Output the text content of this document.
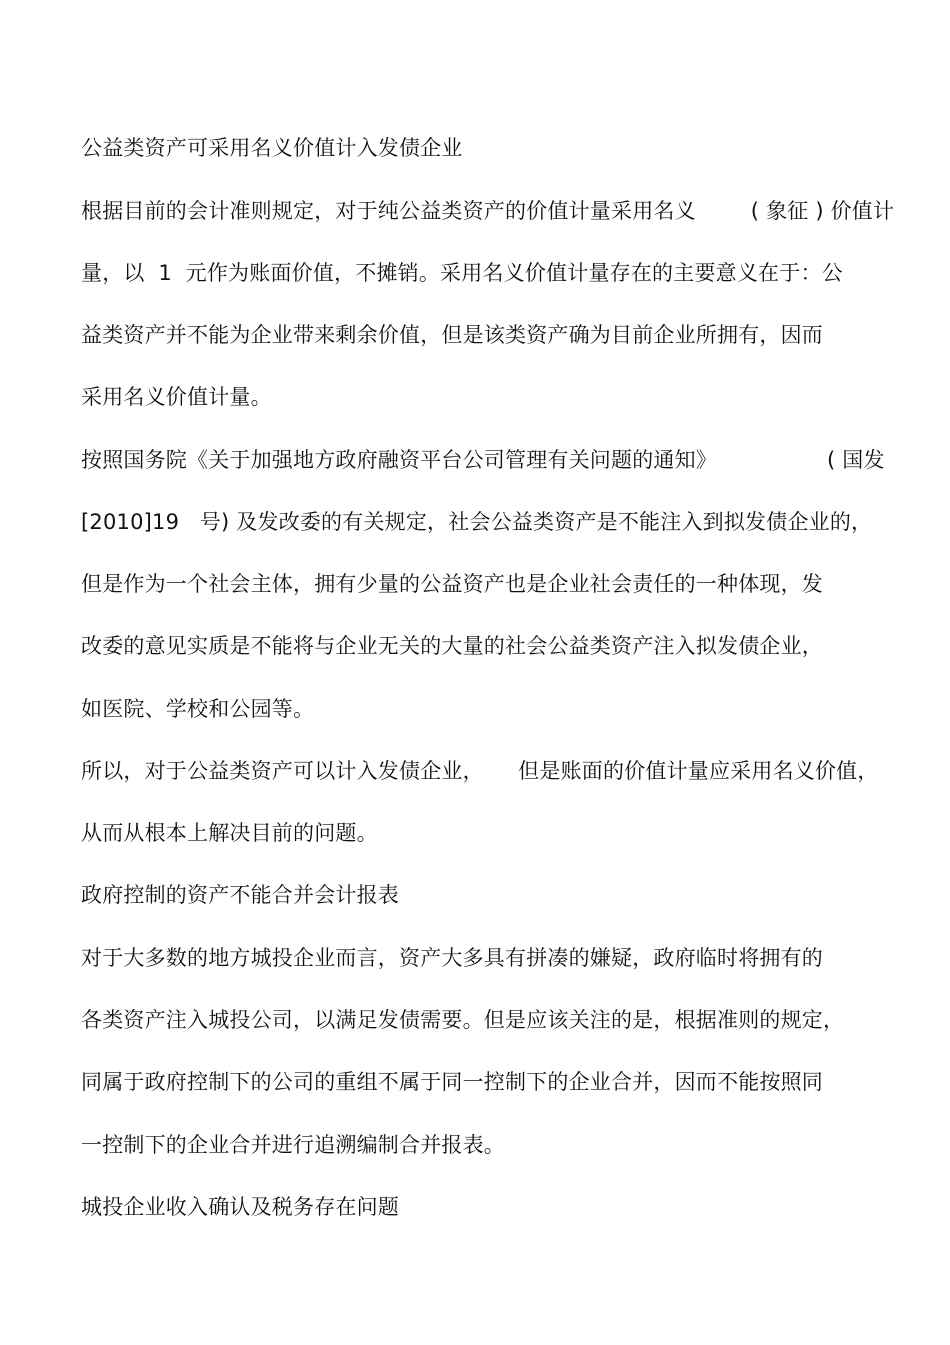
公益类资产可采用名义价值计入发债企业
根据目前的会计准则规定，对于纯公益类资产的价值计量采用名义        ( 象征 ) 价值计
量，以  1  元作为账面价值，不摊销。采用名义价值计量存在的主要意义在于：公
益类资产并不能为企业带来剩余价值，但是该类资产确为目前企业所拥有，因而
采用名义价值计量。
按照国务院《关于加强地方政府融资平台公司管理有关问题的通知》                ( 国发
[2010]19   号) 及发改委的有关规定，社会公益类资产是不能注入到拟发债企业的，
但是作为一个社会主体，拥有少量的公益资产也是企业社会责任的一种体现，发
改委的意见实质是不能将与企业无关的大量的社会公益类资产注入拟发债企业，
如医院、学校和公园等。
所以，对于公益类资产可以计入发债企业，     但是账面的价值计量应采用名义价值，
从而从根本上解决目前的问题。
政府控制的资产不能合并会计报表
对于大多数的地方城投企业而言，资产大多具有拼凑的嫌疑，政府临时将拥有的
各类资产注入城投公司，以满足发债需要。但是应该关注的是，根据准则的规定，
同属于政府控制下的公司的重组不属于同一控制下的企业合并，因而不能按照同
一控制下的企业合并进行追溯编制合并报表。
城投企业收入确认及税务存在问题
